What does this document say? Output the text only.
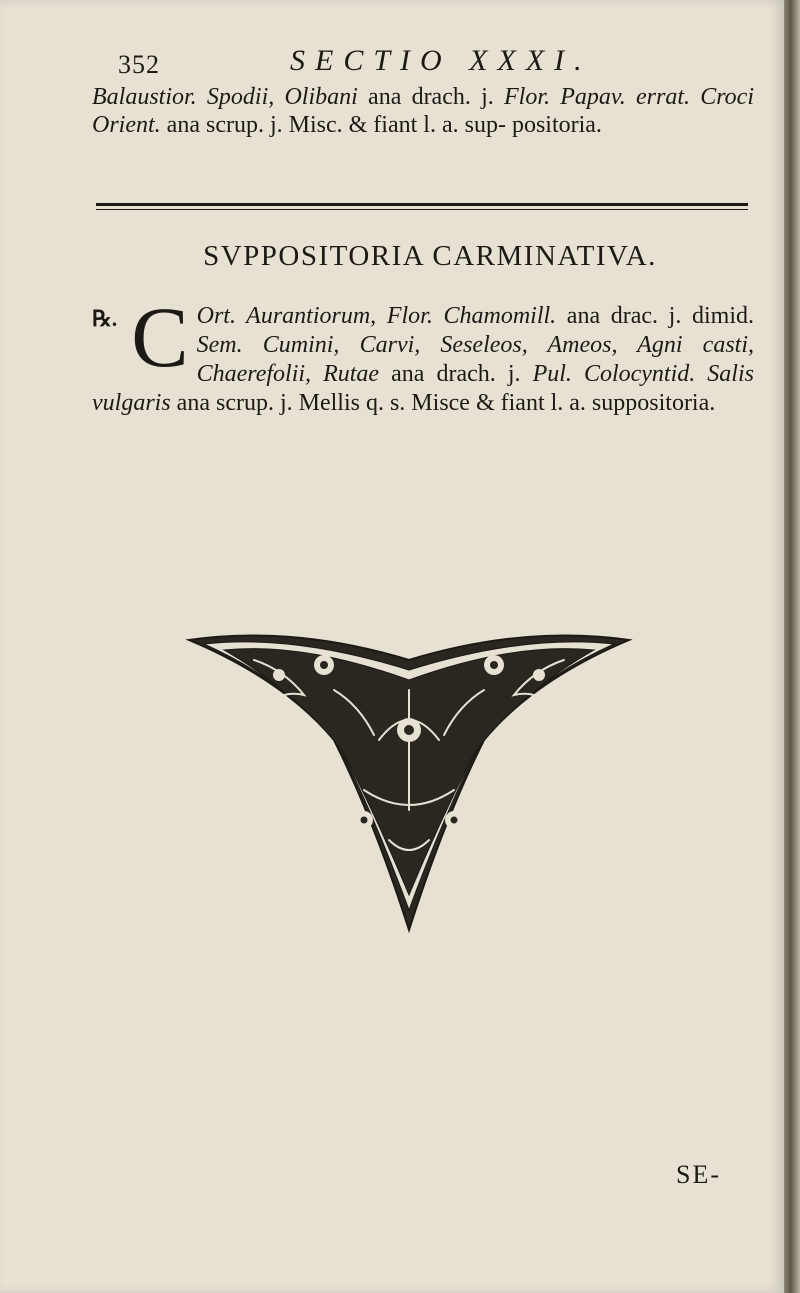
352	SECTIO XXXI.
Balaustior. Spodii, Olibani ana drach. j. Flor. Papav. errat. Croci Orient. ana scrup. j. Misc. & fiant l. a. sup- positoria.
SVPPOSITORIA CARMINATIVA.
℞. C Ort. Aurantiorum, Flor. Chamomill. ana drac. j. dimid. Sem. Cumini, Carvi, Seseleos, Ameos, Agni casti, Chaerefolii, Rutae ana drach. j. Pul. Colocyntid. Salis vulgaris ana scrup. j. Mellis q. s. Misce & fiant l. a. suppositoria.
SE-
